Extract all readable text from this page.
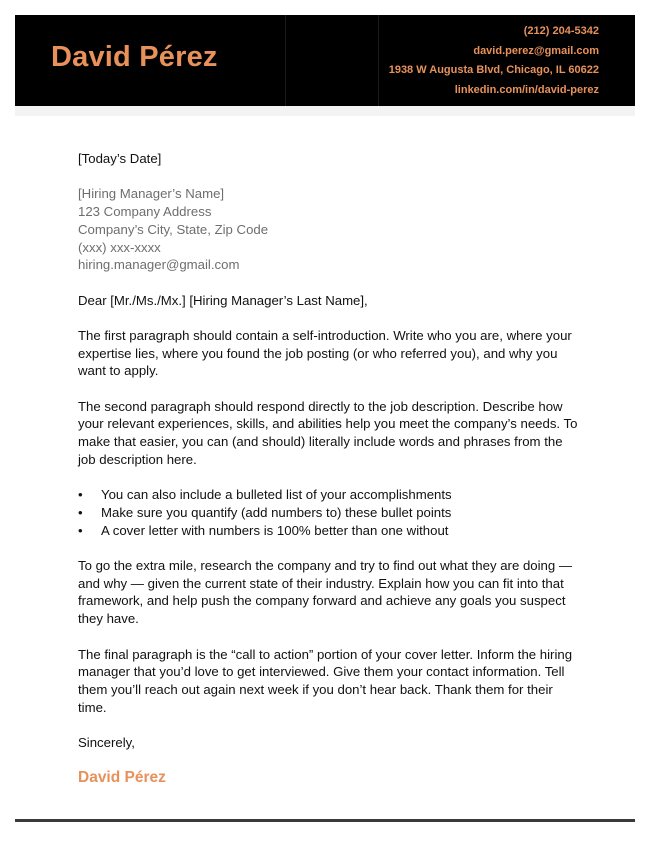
David Pérez
(212) 204-5342
david.perez@gmail.com
1938 W Augusta Blvd, Chicago, IL 60622
linkedin.com/in/david-perez

[Today’s Date]

[Hiring Manager’s Name]
123 Company Address
Company’s City, State, Zip Code
(xxx) xxx-xxxx
hiring.manager@gmail.com

Dear [Mr./Ms./Mx.] [Hiring Manager’s Last Name],

The first paragraph should contain a self-introduction. Write who you are, where your expertise lies, where you found the job posting (or who referred you), and why you want to apply.

The second paragraph should respond directly to the job description. Describe how your relevant experiences, skills, and abilities help you meet the company’s needs. To make that easier, you can (and should) literally include words and phrases from the job description here.

• You can also include a bulleted list of your accomplishments
• Make sure you quantify (add numbers to) these bullet points
• A cover letter with numbers is 100% better than one without

To go the extra mile, research the company and try to find out what they are doing — and why — given the current state of their industry. Explain how you can fit into that framework, and help push the company forward and achieve any goals you suspect they have.

The final paragraph is the “call to action” portion of your cover letter. Inform the hiring manager that you’d love to get interviewed. Give them your contact information. Tell them you’ll reach out again next week if you don’t hear back. Thank them for their time.

Sincerely,

David Pérez
